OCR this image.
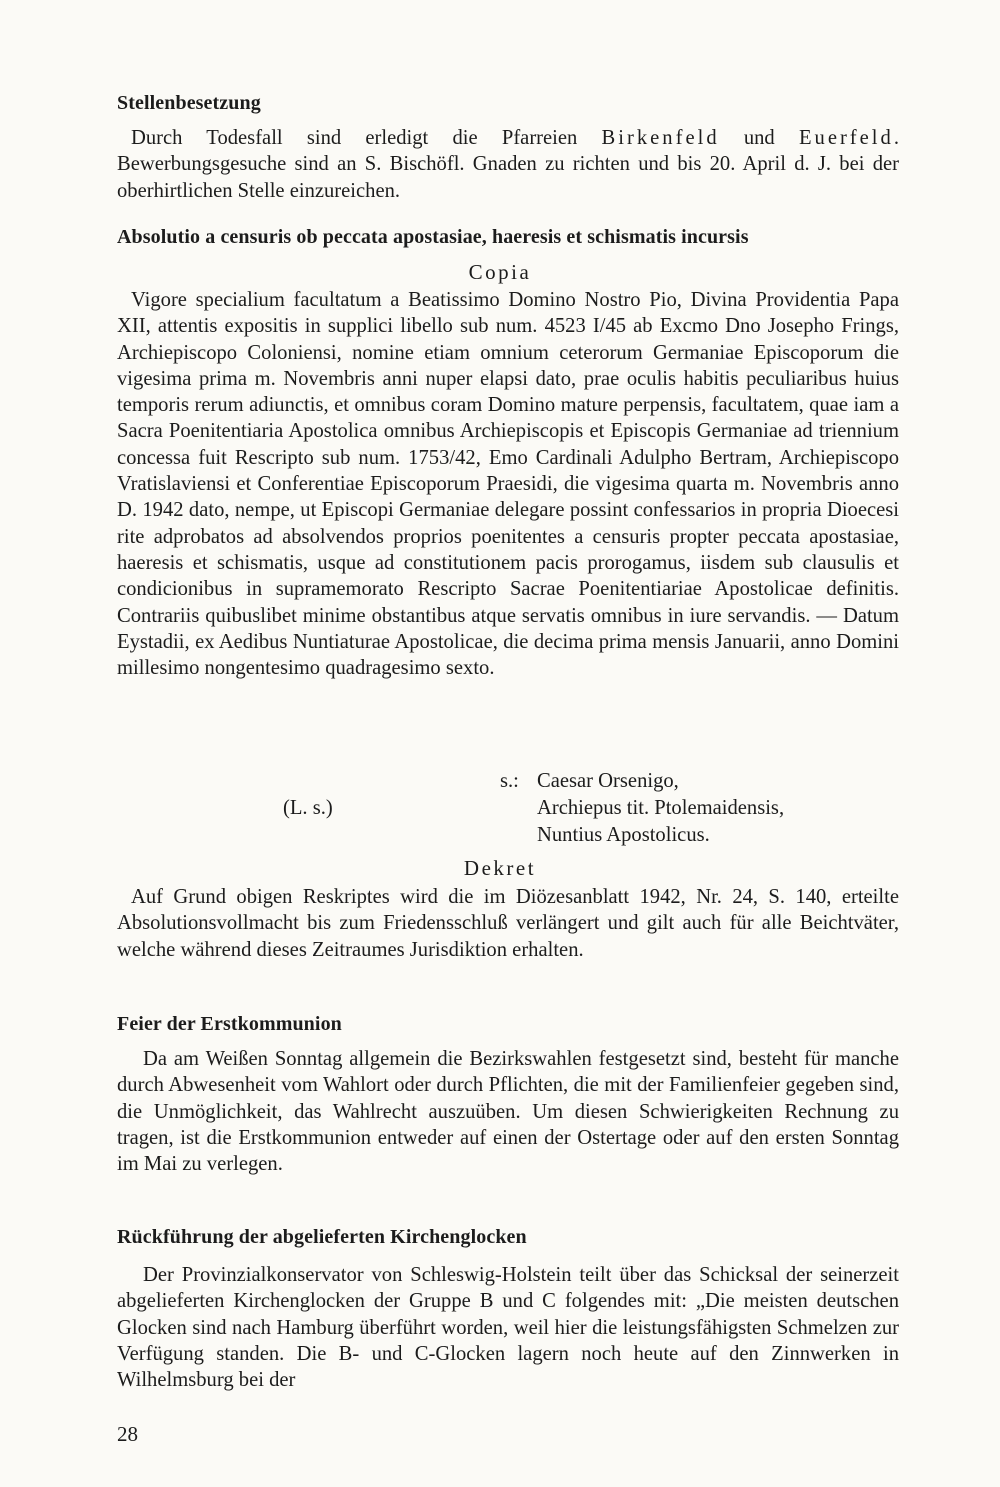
Stellenbesetzung
Durch Todesfall sind erledigt die Pfarreien Birkenfeld und Euerfeld. Bewerbungsgesuche sind an S. Bischöfl. Gnaden zu richten und bis 20. April d. J. bei der oberhirtlichen Stelle einzureichen.
Absolutio a censuris ob peccata apostasiae, haeresis et schismatis incursis
Copia
Vigore specialium facultatum a Beatissimo Domino Nostro Pio, Divina Providentia Papa XII, attentis expositis in supplici libello sub num. 4523 I/45 ab Excmo Dno Josepho Frings, Archiepiscopo Coloniensi, nomine etiam omnium ceterorum Germaniae Episcoporum die vigesima prima m. Novembris anni nuper elapsi dato, prae oculis habitis peculiaribus huius temporis rerum adiunctis, et omnibus coram Domino mature perpensis, facultatem, quae iam a Sacra Poenitentiaria Apostolica omnibus Archiepiscopis et Episcopis Germaniae ad triennium concessa fuit Rescripto sub num. 1753/42, Emo Cardinali Adulpho Bertram, Archiepiscopo Vratislaviensi et Conferentiae Episcoporum Praesidi, die vigesima quarta m. Novembris anno D. 1942 dato, nempe, ut Episcopi Germaniae delegare possint confessarios in propria Dioecesi rite adprobatos ad absolvendos proprios poenitentes a censuris propter peccata apostasiae, haeresis et schismatis, usque ad constitutionem pacis prorogamus, iisdem sub clausulis et condicionibus in supramemorato Rescripto Sacrae Poenitentiariae Apostolicae definitis. Contrariis quibuslibet minime obstantibus atque servatis omnibus in iure servandis. — Datum Eystadii, ex Aedibus Nuntiaturae Apostolicae, die decima prima mensis Januarii, anno Domini millesimo nongentesimo quadragesimo sexto.
s.: Caesar Orsenigo,
(L. s.)	Archiepus tit. Ptolemaidensis,
Nuntius Apostolicus.
Dekret
Auf Grund obigen Reskriptes wird die im Diözesanblatt 1942, Nr. 24, S. 140, erteilte Absolutionsvollmacht bis zum Friedensschluß verlängert und gilt auch für alle Beichtväter, welche während dieses Zeitraumes Jurisdiktion erhalten.
Feier der Erstkommunion
Da am Weißen Sonntag allgemein die Bezirkswahlen festgesetzt sind, besteht für manche durch Abwesenheit vom Wahlort oder durch Pflichten, die mit der Familienfeier gegeben sind, die Unmöglichkeit, das Wahlrecht auszuüben. Um diesen Schwierigkeiten Rechnung zu tragen, ist die Erstkommunion entweder auf einen der Ostertage oder auf den ersten Sonntag im Mai zu verlegen.
Rückführung der abgelieferten Kirchenglocken
Der Provinzialkonservator von Schleswig-Holstein teilt über das Schicksal der seinerzeit abgelieferten Kirchenglocken der Gruppe B und C folgendes mit: „Die meisten deutschen Glocken sind nach Hamburg überführt worden, weil hier die leistungsfähigsten Schmelzen zur Verfügung standen. Die B- und C-Glocken lagern noch heute auf den Zinnwerken in Wilhelmsburg bei der
28
